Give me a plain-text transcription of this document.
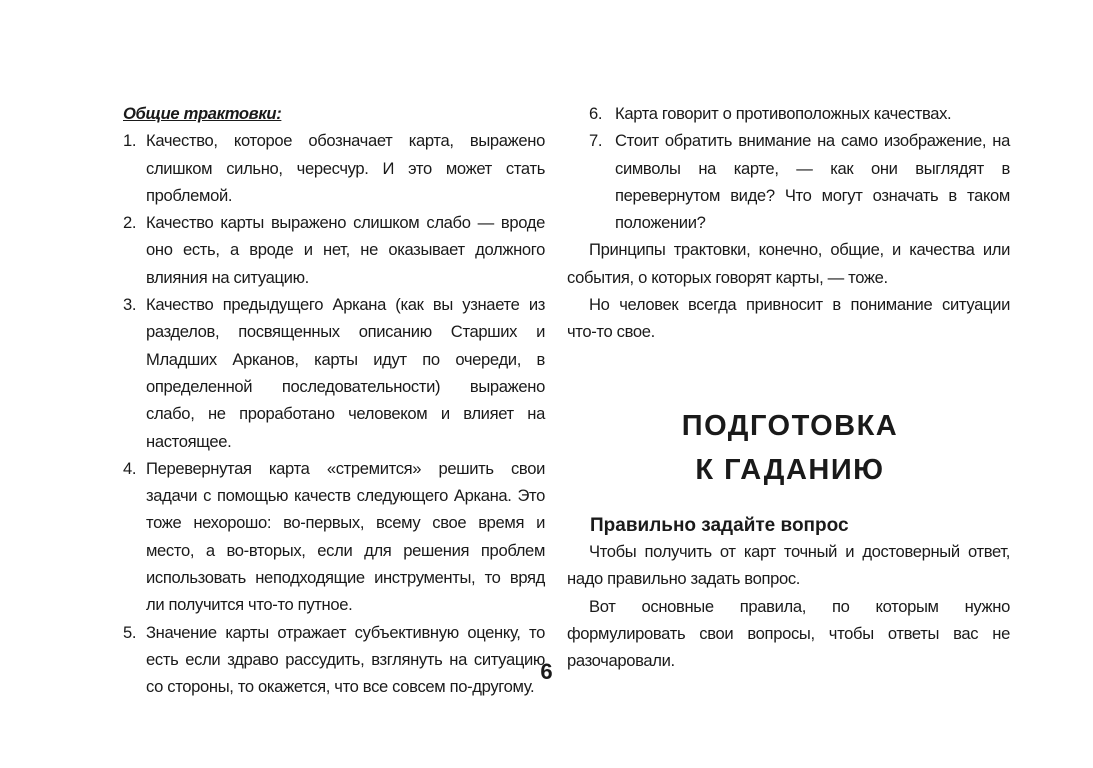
Общие трактовки:

1. Качество, которое обозначает карта, выражено слишком сильно, чересчур. И это может стать проблемой.
2. Качество карты выражено слишком слабо — вроде оно есть, а вроде и нет, не оказывает должного влияния на ситуацию.
3. Качество предыдущего Аркана (как вы узнаете из разделов, посвященных описанию Старших и Младших Арканов, карты идут по очереди, в определенной последовательности) выражено слабо, не проработано человеком и влияет на настоящее.
4. Перевернутая карта «стремится» решить свои задачи с помощью качеств следующего Аркана. Это тоже нехорошо: во-первых, всему свое время и место, а во-вторых, если для решения проблем использовать неподходящие инструменты, то вряд ли получится что-то путное.
5. Значение карты отражает субъективную оценку, то есть если здраво рассудить, взглянуть на ситуацию со стороны, то окажется, что все совсем по-другому.
6. Карта говорит о противоположных качествах.
7. Стоит обратить внимание на само изображение, на символы на карте, — как они выглядят в перевернутом виде? Что могут означать в таком положении?

Принципы трактовки, конечно, общие, и качества или события, о которых говорят карты, — тоже.

Но человек всегда привносит в понимание ситуации что-то свое.

ПОДГОТОВКА
К ГАДАНИЮ
Правильно задайте вопрос

Чтобы получить от карт точный и достоверный ответ, надо правильно задать вопрос.

Вот основные правила, по которым нужно формулировать свои вопросы, чтобы ответы вас не разочаровали.

6
